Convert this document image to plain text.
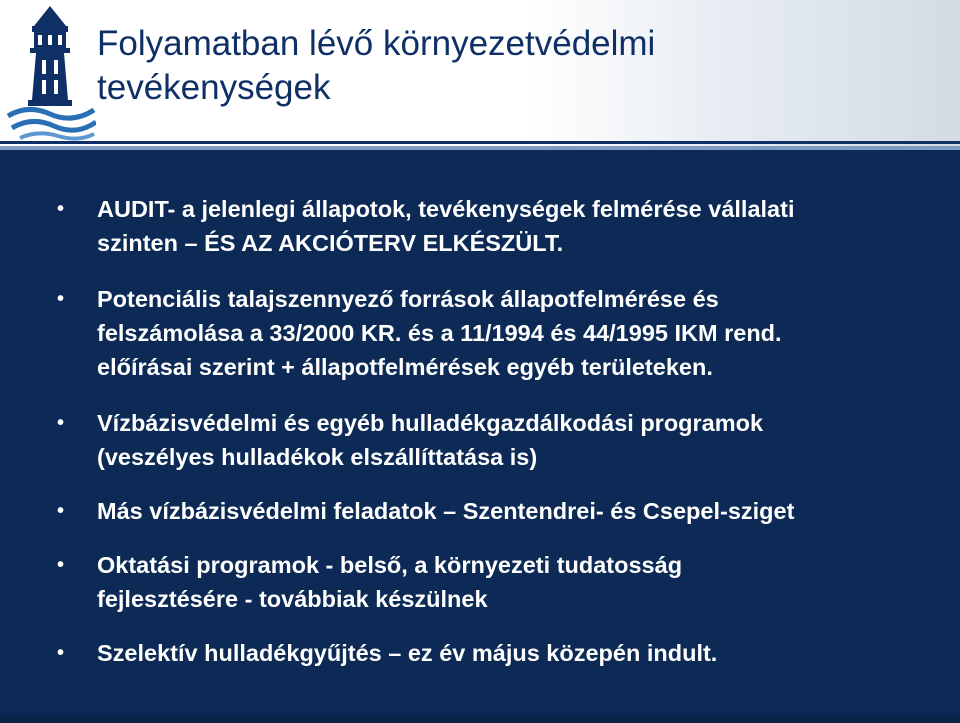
Folyamatban lévő környezetvédelmi
tevékenységek
• AUDIT- a jelenlegi állapotok, tevékenységek felmérése vállalati
szinten – ÉS AZ AKCIÓTERV ELKÉSZÜLT.
• Potenciális talajszennyező források állapotfelmérése és
felszámolása a 33/2000 KR. és a 11/1994 és 44/1995 IKM rend.
előírásai szerint + állapotfelmérések egyéb területeken.
• Vízbázisvédelmi és egyéb hulladékgazdálkodási programok
(veszélyes hulladékok elszállíttatása is)
• Más vízbázisvédelmi feladatok – Szentendrei- és Csepel-sziget
• Oktatási programok - belső, a környezeti tudatosság
fejlesztésére - továbbiak készülnek
• Szelektív hulladékgyűjtés – ez év május közepén indult.
